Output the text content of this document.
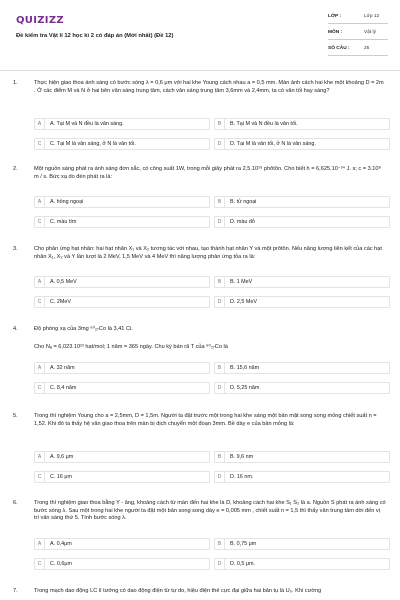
QUIZIZZ
Đề kiểm tra Vật lí 12 học kì 2 có đáp án (Mới nhất) (Đề 12)
LỚP :	Lớp 12
MÔN :	Vật lý
SỐ CÂU :	25
1.	Thực hiện giao thoa ánh sáng có bước sóng λ = 0,6 μm với hai khe Young cách nhau a = 0,5 mm. Màn ảnh cách hai khe một khoảng D = 2m . Ở các điểm M và N ở hai bên vân sáng trung tâm, cách vân sáng trung tâm 3,6mm và 2,4mm, ta có vân tối hay sáng?
A	A. Tại M và N đều là vân sáng.	B	B. Tại M và N đều là vân tối.
C	C. Tại M là vân sáng, ở N là vân tối.	D	D. Tại M là vân tối, ở N là vân sáng.
2.	Một nguồn sáng phát ra ánh sáng đơn sắc, có công suất 1W, trong mỗi giây phát ra 2,5.10¹⁹ phôtôn. Cho biết h = 6,625.10⁻³⁴ J. s; c = 3.10⁸ m / s. Bức xạ do đèn phát ra là:
A	A. hồng ngoại	B	B. tử ngoại
C	C. màu tím	D	D. màu đỏ
3.	Cho phản ứng hạt nhân: hai hạt nhân X₁ và X₂ tương tác với nhau, tạo thành hạt nhân Y và một prôtôn. Nếu năng lượng liên kết của các hạt nhân X₁, X₂ và Y lần lượt là 2 MeV, 1,5 MeV và 4 MeV thì năng lượng phản ứng tỏa ra là:
A	A. 0,5 MeV	B	B. 1 MeV
C	C. 2MeV	D	D. 2,5 MeV
4.	Độ phóng xạ của 3mg ⁶⁰₂₇Co là 3,41 Ci.
Cho Nₐ = 6,023.10²³ hạt/mol; 1 năm = 365 ngày. Chu kỳ bán rã T của ⁶⁰₂₇Co là
A	A. 32 năm	B	B. 15,6 năm
C	C. 8,4 năm	D	D. 5,25 năm
5.	Trong thí nghiệm Young cho a = 2,5mm, D = 1,5m. Người ta đặt trước một trong hai khe sáng một bản mặt song song mỏng chiết suất n = 1,52. Khi đó ta thấy hệ vân giao thoa trên màn bị dịch chuyển một đoạn 3mm. Bề dày e của bản mỏng là:
A	A. 9,6 μm	B	B. 9,6 nm
C	C. 16 μm	D	D. 16 nm.
6.	Trong thí nghiệm giao thoa bằng Y - âng, khoảng cách từ màn đến hai khe là D, khoảng cách hai khe S₁ S₂ là a. Nguồn S phát ra ánh sáng có bước sóng λ. Sau một trong hai khe người ta đặt một bản song song dày e = 0,005 mm , chiết suất n = 1,5 thì thấy vân trung tâm dời đến vị trí vân sáng thứ 5. Tính bước sóng λ.
A	A. 0,4μm	B	B. 0,75 μm
C	C. 0,6μm	D	D. 0,5 μm.
7.	Trong mạch dao động LC lí tưởng có dao động điện từ tự do, hiệu điện thế cực đại giữa hai bản tụ là U₀. Khi cường
